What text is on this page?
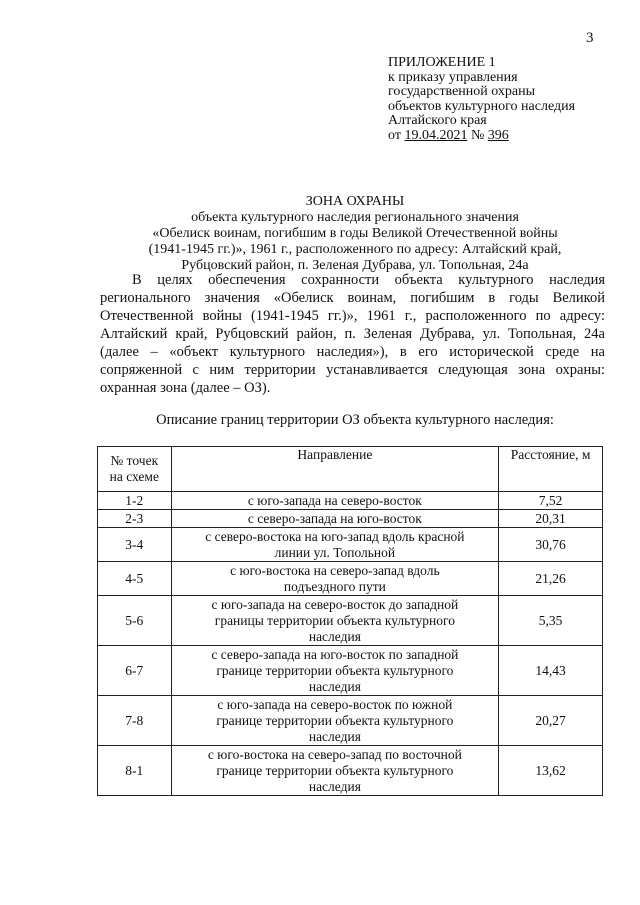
3
ПРИЛОЖЕНИЕ 1
к приказу управления
государственной охраны
объектов культурного наследия
Алтайского края
от 19.04.2021 № 396
ЗОНА ОХРАНЫ
объекта культурного наследия регионального значения
«Обелиск воинам, погибшим в годы Великой Отечественной войны
(1941-1945 гг.)», 1961 г., расположенного по адресу: Алтайский край,
Рубцовский район, п. Зеленая Дубрава, ул. Топольная, 24а
В целях обеспечения сохранности объекта культурного наследия
регионального значения «Обелиск воинам, погибшим в годы Великой
Отечественной войны (1941-1945 гг.)», 1961 г., расположенного по адресу:
Алтайский край, Рубцовский район, п. Зеленая Дубрава, ул. Топольная, 24а
(далее – «объект культурного наследия»), в его исторической среде на
сопряженной с ним территории устанавливается следующая зона охраны:
охранная зона (далее – ОЗ).
Описание границ территории ОЗ объекта культурного наследия:
№ точек
на схеме	Направление	Расстояние, м
1-2	с юго-запада на северо-восток	7,52
2-3	с северо-запада на юго-восток	20,31
3-4	с северо-востока на юго-запад вдоль красной
линии ул. Топольной	30,76
4-5	с юго-востока на северо-запад вдоль
подъездного пути	21,26
5-6	с юго-запада на северо-восток до западной
границы территории объекта культурного
наследия	5,35
6-7	с северо-запада на юго-восток по западной
границе территории объекта культурного
наследия	14,43
7-8	с юго-запада на северо-восток по южной
границе территории объекта культурного
наследия	20,27
8-1	с юго-востока на северо-запад по восточной
границе территории объекта культурного
наследия	13,62
